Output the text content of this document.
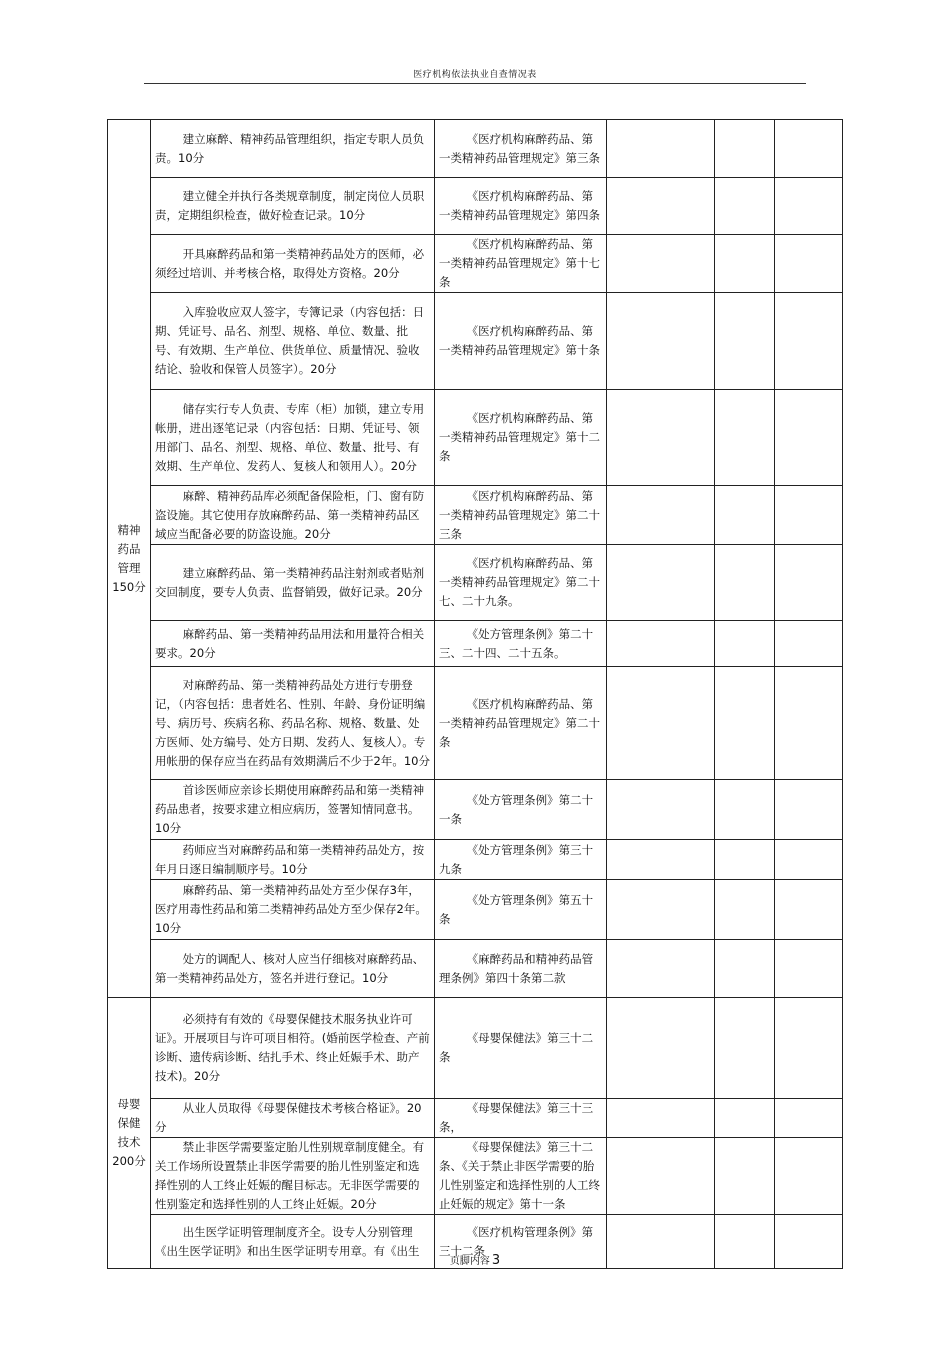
医疗机构依法执业自查情况表
精神药品管理150分	建立麻醉、精神药品管理组织，指定专职人员负责。10分	《医疗机构麻醉药品、第一类精神药品管理规定》第三条			
	建立健全并执行各类规章制度，制定岗位人员职责，定期组织检查，做好检查记录。10分	《医疗机构麻醉药品、第一类精神药品管理规定》第四条			
	开具麻醉药品和第一类精神药品处方的医师，必须经过培训、并考核合格，取得处方资格。20分	《医疗机构麻醉药品、第一类精神药品管理规定》第十七条			
	入库验收应双人签字，专簿记录（内容包括：日期、凭证号、品名、剂型、规格、单位、数量、批号、有效期、生产单位、供货单位、质量情况、验收结论、验收和保管人员签字）。20分	《医疗机构麻醉药品、第一类精神药品管理规定》第十条			
	储存实行专人负责、专库（柜）加锁，建立专用帐册，进出逐笔记录（内容包括：日期、凭证号、领用部门、品名、剂型、规格、单位、数量、批号、有效期、生产单位、发药人、复核人和领用人）。20分	《医疗机构麻醉药品、第一类精神药品管理规定》第十二条			
	麻醉、精神药品库必须配备保险柜，门、窗有防盗设施。其它使用存放麻醉药品、第一类精神药品区域应当配备必要的防盗设施。20分	《医疗机构麻醉药品、第一类精神药品管理规定》第二十三条			
	建立麻醉药品、第一类精神药品注射剂或者贴剂交回制度，要专人负责、监督销毁，做好记录。20分	《医疗机构麻醉药品、第一类精神药品管理规定》第二十七、二十九条。			
	麻醉药品、第一类精神药品用法和用量符合相关要求。20分	《处方管理条例》第二十三、二十四、二十五条。			
	对麻醉药品、第一类精神药品处方进行专册登记，（内容包括：患者姓名、性别、年龄、身份证明编号、病历号、疾病名称、药品名称、规格、数量、处方医师、处方编号、处方日期、发药人、复核人）。专用帐册的保存应当在药品有效期满后不少于2年。10分	《医疗机构麻醉药品、第一类精神药品管理规定》第二十条			
	首诊医师应亲诊长期使用麻醉药品和第一类精神药品患者，按要求建立相应病历，签署知情同意书。10分	《处方管理条例》第二十一条			
	药师应当对麻醉药品和第一类精神药品处方，按年月日逐日编制顺序号。10分	《处方管理条例》第三十九条			
	麻醉药品、第一类精神药品处方至少保存3年，医疗用毒性药品和第二类精神药品处方至少保存2年。10分	《处方管理条例》第五十条			
	处方的调配人、核对人应当仔细核对麻醉药品、第一类精神药品处方，签名并进行登记。10分	《麻醉药品和精神药品管理条例》第四十条第二款			

母婴保健技术200分	必须持有有效的《母婴保健技术服务执业许可证》。开展项目与许可项目相符。(婚前医学检查、产前诊断、遗传病诊断、结扎手术、终止妊娠手术、助产技术)。20分	《母婴保健法》第三十二条			
	从业人员取得《母婴保健技术考核合格证》。20分	《母婴保健法》第三十三条，			
	禁止非医学需要鉴定胎儿性别规章制度健全。有关工作场所设置禁止非医学需要的胎儿性别鉴定和选择性别的人工终止妊娠的醒目标志。无非医学需要的性别鉴定和选择性别的人工终止妊娠。20分	《母婴保健法》第三十二条、《关于禁止非医学需要的胎儿性别鉴定和选择性别的人工终止妊娠的规定》第十一条			
	出生医学证明管理制度齐全。设专人分别管理《出生医学证明》和出生医学证明专用章。有《出生	《医疗机构管理条例》第三十二条			
页脚内容 3
